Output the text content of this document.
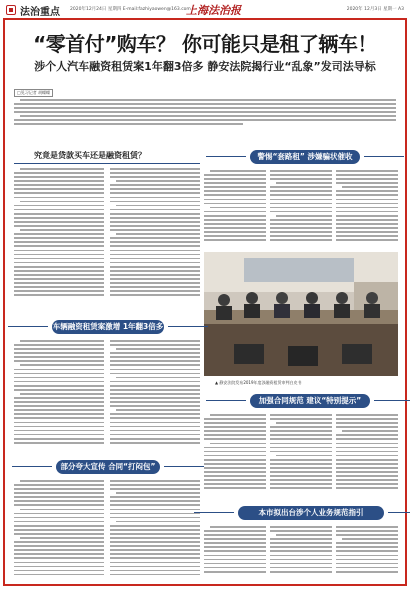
法治重点 2020年12月24日 星期四 E-mail:fazhiyaowen@163.com
上海法治报	2020年 12月3日 星期一 A3
“零首付”购车？ 你可能只是租了辆车！
涉个人汽车融资租赁案1年翻3倍多 静安法院揭行业“乱象”发司法导标
□见习记者 胡蝶蝶
究竟是贷款买车还是融资租赁？	警惕“套路租” 涉嫌骗状催收
▲ 静安法院发布2019年度涉融资租赁审判白皮书
车辆融资租赁案激增 1年翻3倍多
加强合同规范 建议“特别提示”
部分夸大宣传 合同“打闷包”
本市拟出台涉个人业务规范指引
